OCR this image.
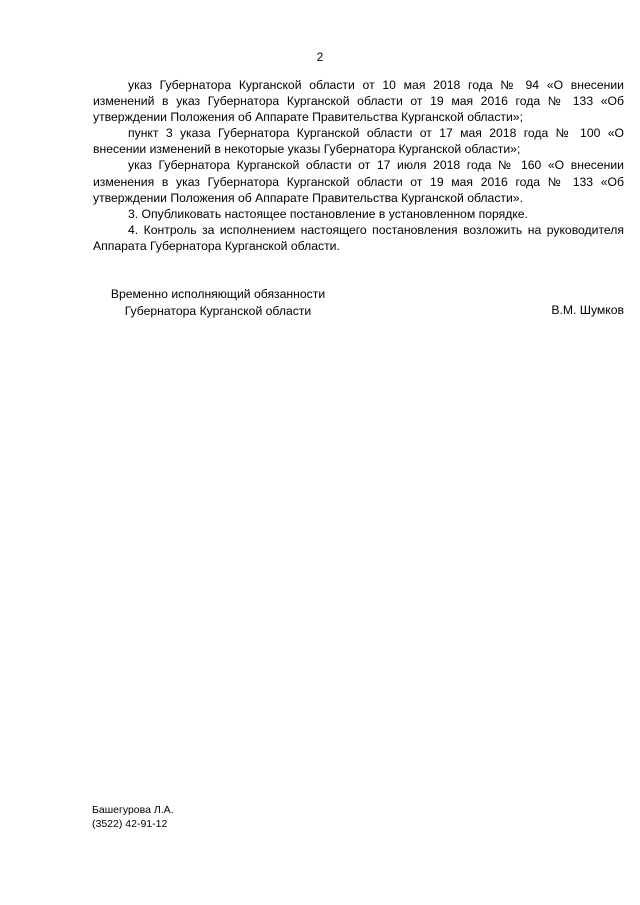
2

указ Губернатора Курганской области от 10 мая 2018 года № 94 «О внесении изменений в указ Губернатора Курганской области от 19 мая 2016 года № 133 «Об утверждении Положения об Аппарате Правительства Курганской области»;

пункт 3 указа Губернатора Курганской области от 17 мая 2018 года № 100 «О внесении изменений в некоторые указы Губернатора Курганской области»;

указ Губернатора Курганской области от 17 июля 2018 года № 160 «О внесении изменения в указ Губернатора Курганской области от 19 мая 2016 года № 133 «Об утверждении Положения об Аппарате Правительства Курганской области».

3. Опубликовать настоящее постановление в установленном порядке.

4. Контроль за исполнением настоящего постановления возложить на руководителя Аппарата Губернатора Курганской области.

Временно исполняющий обязанности
Губернатора Курганской области	В.М. Шумков
Башегурова Л.А.
(3522) 42-91-12
